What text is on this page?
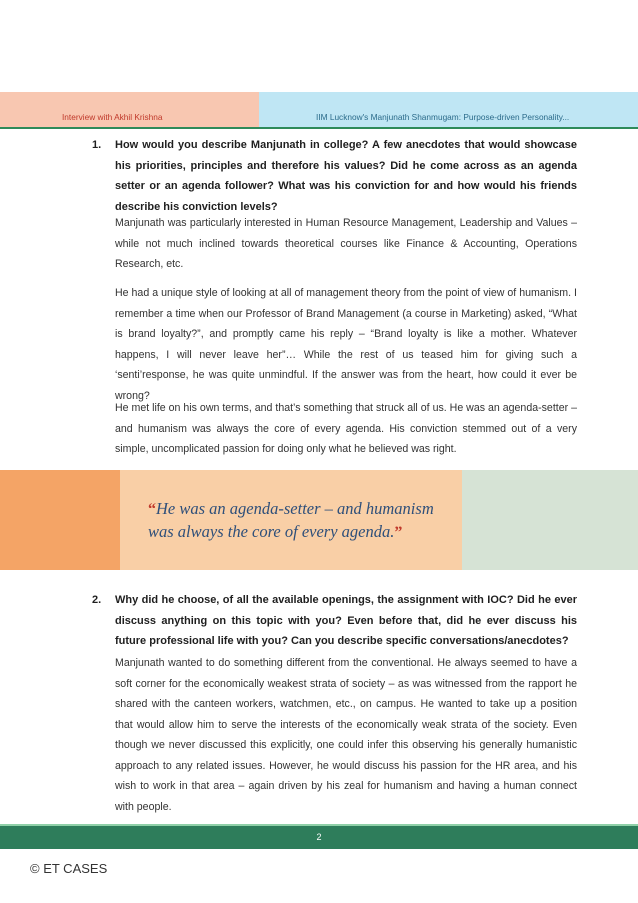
Interview with Akhil Krishna	IIM Lucknow's Manjunath Shanmugam: Purpose-driven Personality...
1. How would you describe Manjunath in college? A few anecdotes that would showcase his priorities, principles and therefore his values? Did he come across as an agenda setter or an agenda follower? What was his conviction for and how would his friends describe his conviction levels?

Manjunath was particularly interested in Human Resource Management, Leadership and Values – while not much inclined towards theoretical courses like Finance & Accounting, Operations Research, etc.

He had a unique style of looking at all of management theory from the point of view of humanism. I remember a time when our Professor of Brand Management (a course in Marketing) asked, “What is brand loyalty?”, and promptly came his reply – “Brand loyalty is like a mother. Whatever happens, I will never leave her”… While the rest of us teased him for giving such a ‘senti’response, he was quite unmindful. If the answer was from the heart, how could it ever be wrong?

He met life on his own terms, and that’s something that struck all of us. He was an agenda-setter – and humanism was always the core of every agenda. His conviction stemmed out of a very simple, uncomplicated passion for doing only what he believed was right.

“He was an agenda-setter – and humanism
was always the core of every agenda.”
2. Why did he choose, of all the available openings, the assignment with IOC? Did he ever discuss anything on this topic with you? Even before that, did he ever discuss his future professional life with you? Can you describe specific conversations/anecdotes?

Manjunath wanted to do something different from the conventional. He always seemed to have a soft corner for the economically weakest strata of society – as was witnessed from the rapport he shared with the canteen workers, watchmen, etc., on campus. He wanted to take up a position that would allow him to serve the interests of the economically weak strata of the society. Even though we never discussed this explicitly, one could infer this observing his generally humanistic approach to any related issues. However, he would discuss his passion for the HR area, and his wish to work in that area – again driven by his zeal for humanism and having a human connect with people.

2
© ET CASES
